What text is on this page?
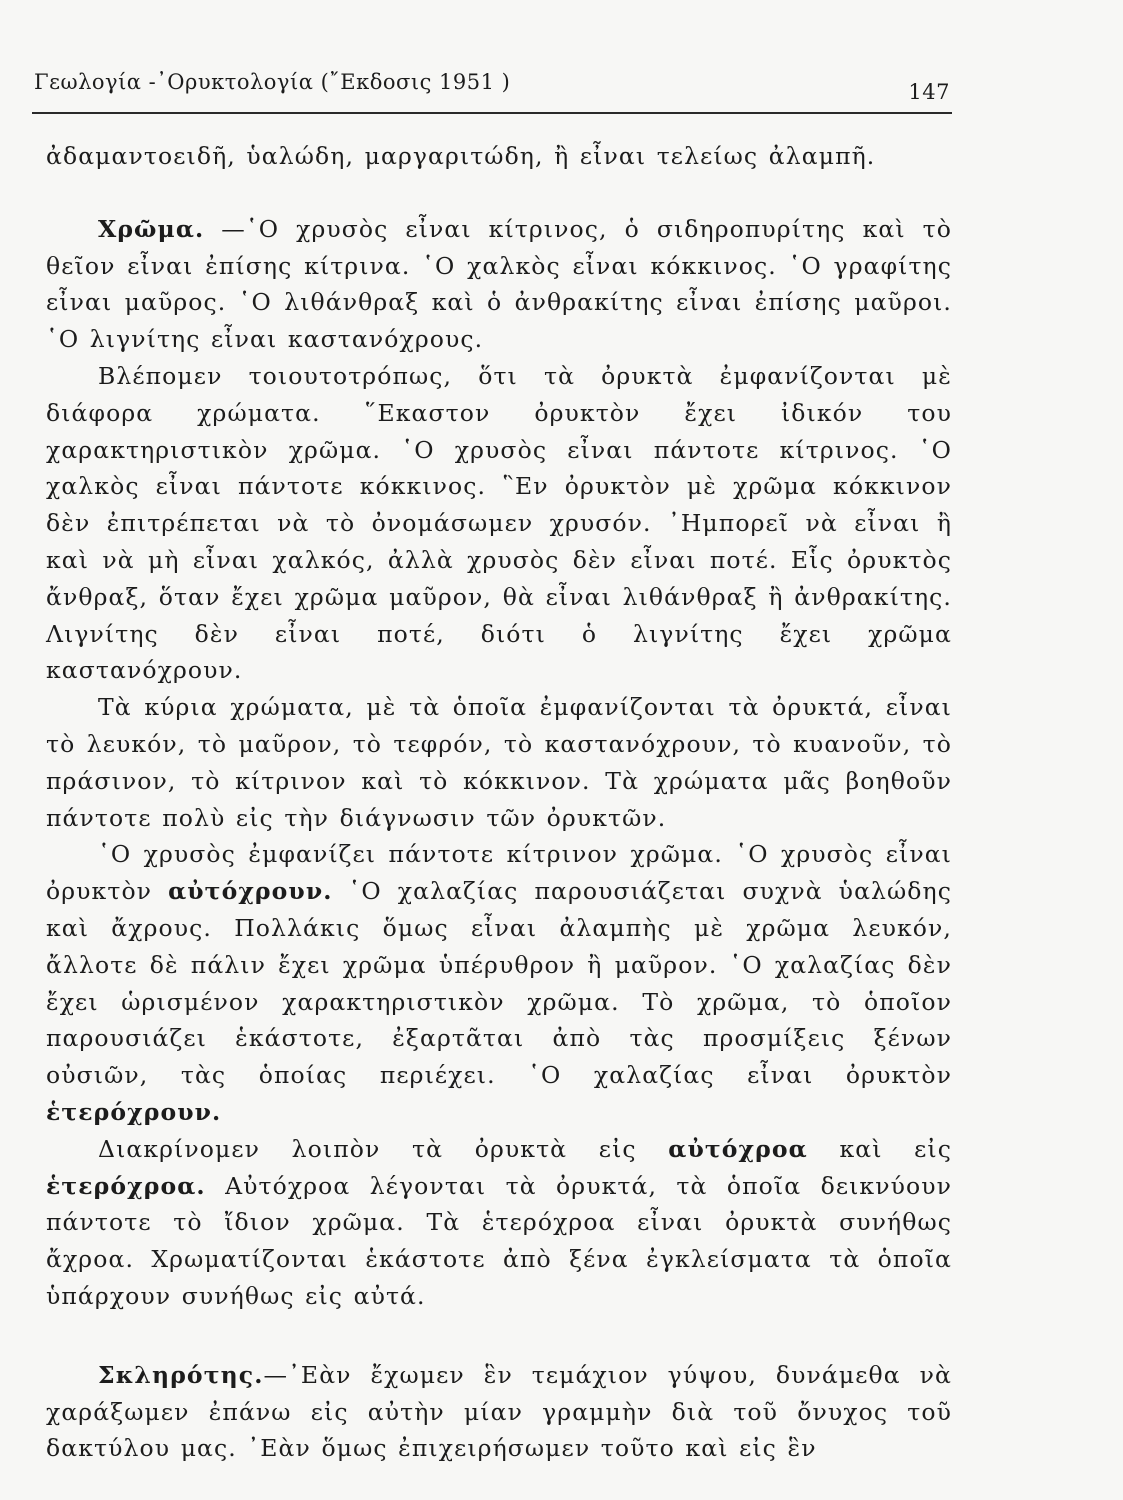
Γεωλογία -᾿Ορυκτολογία (῎Εκδοσις 1951 )	147

ἀδαμαντοειδῆ, ὑαλώδη, μαργαριτώδη, ἢ εἶναι τελείως ἀλαμπῆ.

Χρῶμα. —῾Ο χρυσὸς εἶναι κίτρινος, ὁ σιδηροπυρίτης καὶ τὸ θεῖον εἶναι ἐπίσης κίτρινα. ῾Ο χαλκὸς εἶναι κόκκινος. ῾Ο γραφίτης εἶναι μαῦρος. ῾Ο λιθάνθραξ καὶ ὁ ἀνθρακίτης εἶναι ἐπίσης μαῦροι. ῾Ο λιγνίτης εἶναι καστανόχρους.

Βλέπομεν τοιουτοτρόπως, ὅτι τὰ ὀρυκτὰ ἐμφανίζονται μὲ διάφορα χρώματα. ῞Εκαστον ὀρυκτὸν ἔχει ἰδικόν του χαρακτηριστικὸν χρῶμα. ῾Ο χρυσὸς εἶναι πάντοτε κίτρινος. ῾Ο χαλκὸς εἶναι πάντοτε κόκκινος. ῝Εν ὀρυκτὸν μὲ χρῶμα κόκκινον δὲν ἐπιτρέπεται νὰ τὸ ὀνομάσωμεν χρυσόν. ᾿Ημπορεῖ νὰ εἶναι ἢ καὶ νὰ μὴ εἶναι χαλκός, ἀλλὰ χρυσὸς δὲν εἶναι ποτέ. Εἷς ὀρυκτὸς ἄνθραξ, ὅταν ἔχει χρῶμα μαῦρον, θὰ εἶναι λιθάνθραξ ἢ ἀνθρακίτης. Λιγνίτης δὲν εἶναι ποτέ, διότι ὁ λιγνίτης ἔχει χρῶμα καστανόχρουν.

Τὰ κύρια χρώματα, μὲ τὰ ὁποῖα ἐμφανίζονται τὰ ὀρυκτά, εἶναι τὸ λευκόν, τὸ μαῦρον, τὸ τεφρόν, τὸ καστανόχρουν, τὸ κυανοῦν, τὸ πράσινον, τὸ κίτρινον καὶ τὸ κόκκινον. Τὰ χρώματα μᾶς βοηθοῦν πάντοτε πολὺ εἰς τὴν διάγνωσιν τῶν ὀρυκτῶν.

῾Ο χρυσὸς ἐμφανίζει πάντοτε κίτρινον χρῶμα. ῾Ο χρυσὸς εἶναι ὀρυκτὸν αὐτόχρουν. ῾Ο χαλαζίας παρουσιάζεται συχνὰ ὑαλώδης καὶ ἄχρους. Πολλάκις ὅμως εἶναι ἀλαμπὴς μὲ χρῶμα λευκόν, ἄλλοτε δὲ πάλιν ἔχει χρῶμα ὑπέρυθρον ἢ μαῦρον. ῾Ο χαλαζίας δὲν ἔχει ὡρισμένον χαρακτηριστικὸν χρῶμα. Τὸ χρῶμα, τὸ ὁποῖον παρουσιάζει ἑκάστοτε, ἐξαρτᾶται ἀπὸ τὰς προσμίξεις ξένων οὐσιῶν, τὰς ὁποίας περιέχει. ῾Ο χαλαζίας εἶναι ὀρυκτὸν ἑτερόχρουν.

Διακρίνομεν λοιπὸν τὰ ὀρυκτὰ εἰς αὐτόχροα καὶ εἰς ἑτερόχροα. Αὐτόχροα λέγονται τὰ ὀρυκτά, τὰ ὁποῖα δεικνύουν πάντοτε τὸ ἴδιον χρῶμα. Τὰ ἑτερόχροα εἶναι ὀρυκτὰ συνήθως ἄχροα. Χρωματίζονται ἑκάστοτε ἀπὸ ξένα ἐγκλείσματα τὰ ὁποῖα ὑπάρχουν συνήθως εἰς αὐτά.

Σκληρότης.—᾿Εὰν ἔχωμεν ἓν τεμάχιον γύψου, δυνάμεθα νὰ χαράξωμεν ἐπάνω εἰς αὐτὴν μίαν γραμμὴν διὰ τοῦ ὄνυχος τοῦ δακτύλου μας. ᾿Εὰν ὅμως ἐπιχειρήσωμεν τοῦτο καὶ εἰς ἓν
